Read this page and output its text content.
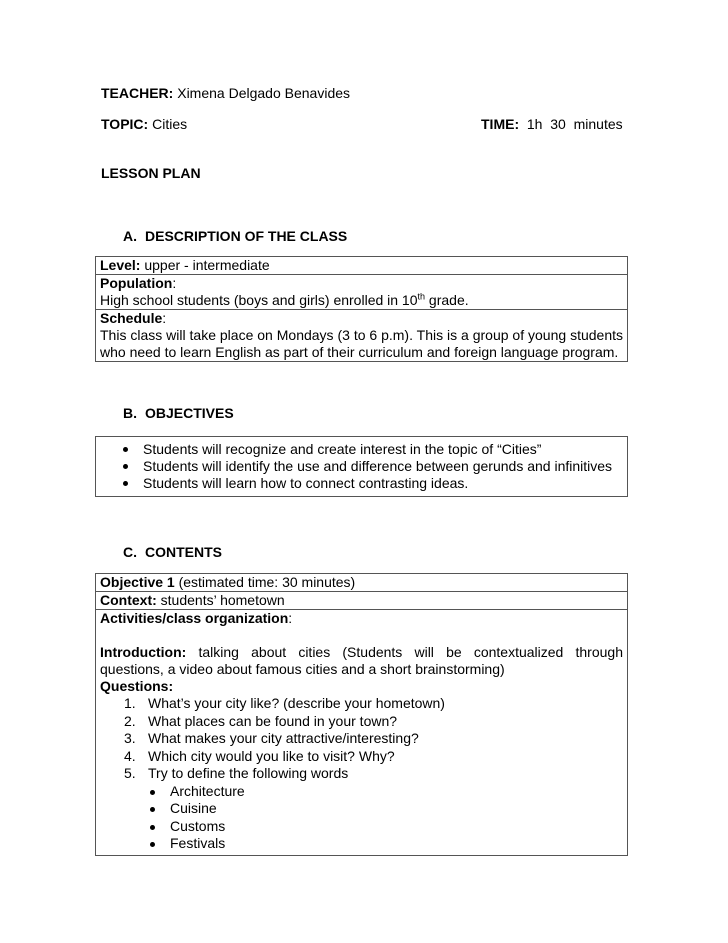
TEACHER: Ximena Delgado Benavides
TOPIC: Cities	TIME: 1h  30  minutes
LESSON PLAN
A. DESCRIPTION OF THE CLASS
Level: upper - intermediate
Population:
High school students (boys and girls) enrolled in 10th grade.
Schedule:
This class will take place on Mondays (3 to 6 p.m). This is a group of young students who need to learn English as part of their curriculum and foreign language program.
B. OBJECTIVES
Students will recognize and create interest in the topic of “Cities”
Students will identify the use and difference between gerunds and infinitives
Students will learn how to connect contrasting ideas.
C. CONTENTS
Objective 1 (estimated time: 30 minutes)
Context: students’ hometown
Activities/class organization:
Introduction: talking about cities (Students will be contextualized through questions, a video about famous cities and a short brainstorming)
Questions:
1. What’s your city like? (describe your hometown)
2. What places can be found in your town?
3. What makes your city attractive/interesting?
4. Which city would you like to visit? Why?
5. Try to define the following words
Architecture
Cuisine
Customs
Festivals
